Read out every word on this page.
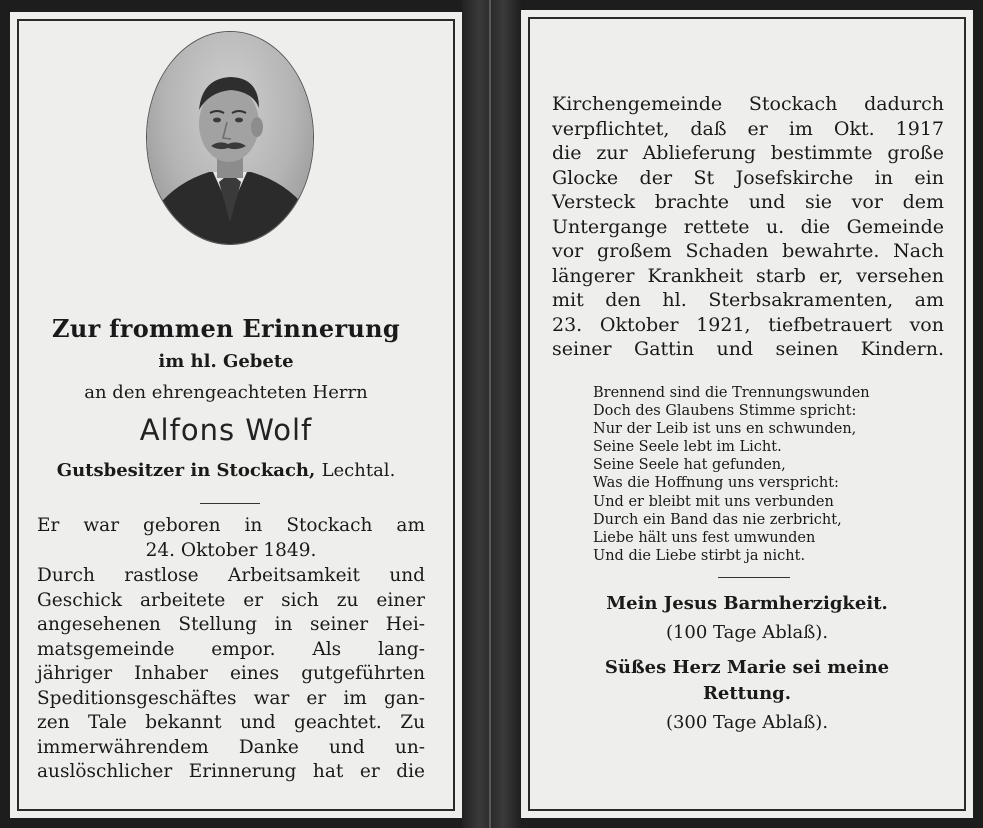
Zur frommen Erinnerung
im hl. Gebete
an den ehrengeachteten Herrn
Alfons Wolf
Gutsbesitzer in Stockach, Lechtal.
Er war geboren in Stockach am
24. Oktober 1849.
Durch rastlose Arbeitsamkeit und
Geschick arbeitete er sich zu einer
angesehenen Stellung in seiner Hei-
matsgemeinde empor. Als lang-
jähriger Inhaber eines gutgeführten
Speditionsgeschäftes war er im gan-
zen Tale bekannt und geachtet. Zu
immerwährendem Danke und un-
auslöschlicher Erinnerung hat er die
Kirchengemeinde Stockach dadurch
verpflichtet, daß er im Okt. 1917
die zur Ablieferung bestimmte große
Glocke der St Josefskirche in ein
Versteck brachte und sie vor dem
Untergange rettete u. die Gemeinde
vor großem Schaden bewahrte. Nach
längerer Krankheit starb er, versehen
mit den hl. Sterbsakramenten, am
23. Oktober 1921, tiefbetrauert von
seiner Gattin und seinen Kindern.
Brennend sind die Trennungswunden
Doch des Glaubens Stimme spricht:
Nur der Leib ist uns en schwunden,
Seine Seele lebt im Licht.
Seine Seele hat gefunden,
Was die Hoffnung uns verspricht:
Und er bleibt mit uns verbunden
Durch ein Band das nie zerbricht,
Liebe hält uns fest umwunden
Und die Liebe stirbt ja nicht.
Mein Jesus Barmherzigkeit.
(100 Tage Ablaß).
Süßes Herz Marie sei meine
Rettung.
(300 Tage Ablaß).
